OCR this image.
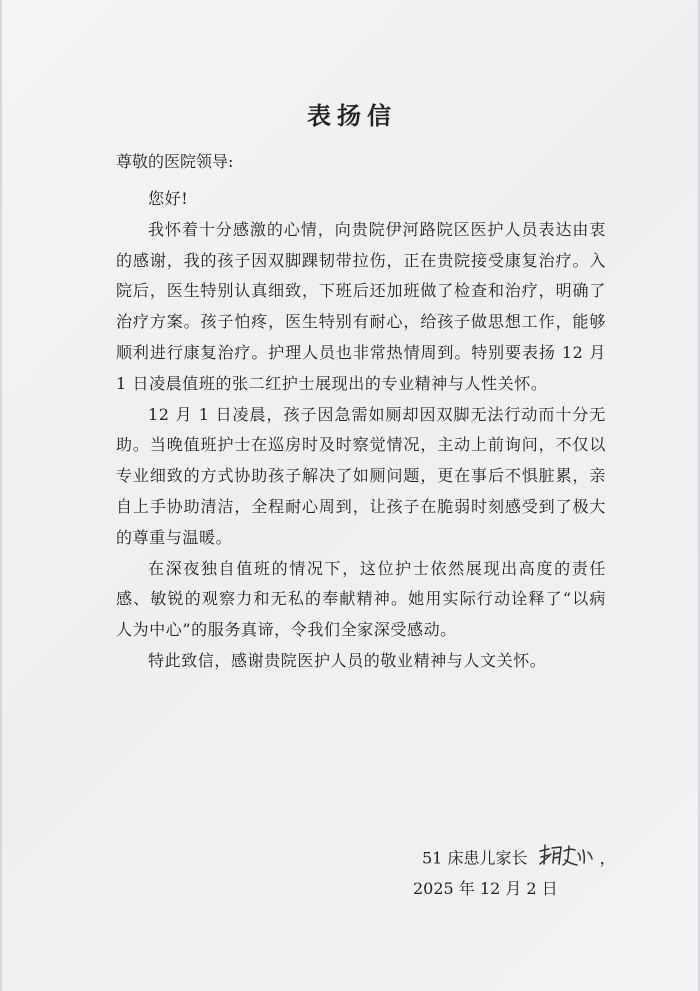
表扬信
尊敬的医院领导:

您好!

我怀着十分感激的心情，向贵院伊河路院区医护人员表达由衷的感谢，我的孩子因双脚踝韧带拉伤，正在贵院接受康复治疗。入院后，医生特别认真细致，下班后还加班做了检查和治疗，明确了治疗方案。孩子怕疼，医生特别有耐心，给孩子做思想工作，能够顺利进行康复治疗。护理人员也非常热情周到。特别要表扬 12 月 1 日凌晨值班的张二红护士展现出的专业精神与人性关怀。

12 月 1 日凌晨，孩子因急需如厕却因双脚无法行动而十分无助。当晚值班护士在巡房时及时察觉情况，主动上前询问，不仅以专业细致的方式协助孩子解决了如厕问题，更在事后不惧脏累，亲自上手协助清洁，全程耐心周到，让孩子在脆弱时刻感受到了极大的尊重与温暖。

在深夜独自值班的情况下，这位护士依然展现出高度的责任感、敏锐的观察力和无私的奉献精神。她用实际行动诠释了“以病人为中心”的服务真谛，令我们全家深受感动。

特此致信，感谢贵院医护人员的敬业精神与人文关怀。

51 床患儿家长	，
2025 年 12 月 2 日
